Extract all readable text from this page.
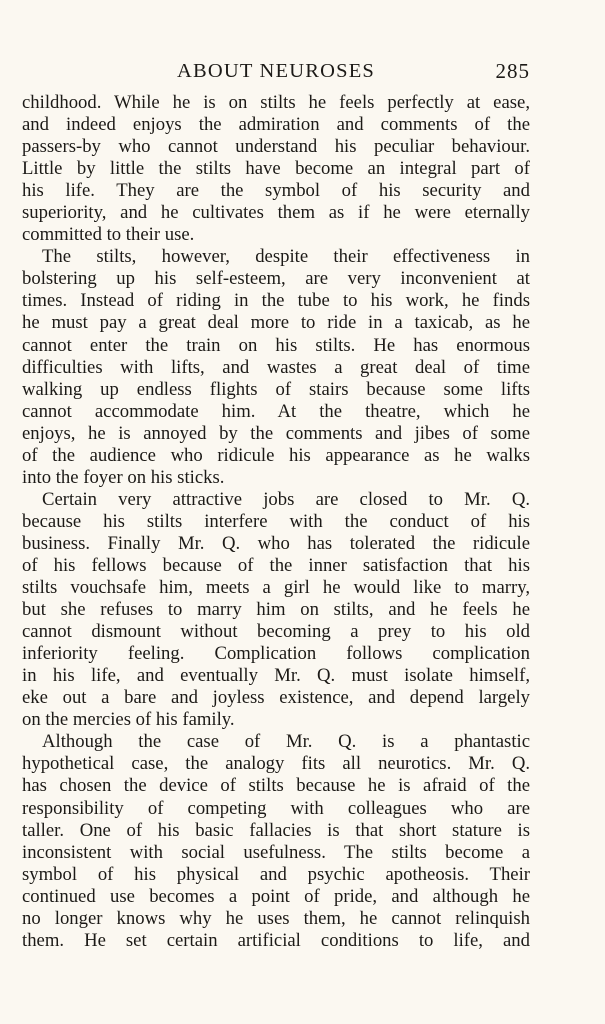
ABOUT NEUROSES	285
childhood. While he is on stilts he feels perfectly at ease,
and indeed enjoys the admiration and comments of the
passers-by who cannot understand his peculiar behaviour.
Little by little the stilts have become an integral part of
his life. They are the symbol of his security and
superiority, and he cultivates them as if he were eternally
committed to their use.
The stilts, however, despite their effectiveness in
bolstering up his self-esteem, are very inconvenient at
times. Instead of riding in the tube to his work, he finds
he must pay a great deal more to ride in a taxicab, as he
cannot enter the train on his stilts. He has enormous
difficulties with lifts, and wastes a great deal of time
walking up endless flights of stairs because some lifts
cannot accommodate him. At the theatre, which he
enjoys, he is annoyed by the comments and jibes of some
of the audience who ridicule his appearance as he walks
into the foyer on his sticks.
Certain very attractive jobs are closed to Mr. Q.
because his stilts interfere with the conduct of his
business. Finally Mr. Q. who has tolerated the ridicule
of his fellows because of the inner satisfaction that his
stilts vouchsafe him, meets a girl he would like to marry,
but she refuses to marry him on stilts, and he feels he
cannot dismount without becoming a prey to his old
inferiority feeling. Complication follows complication
in his life, and eventually Mr. Q. must isolate himself,
eke out a bare and joyless existence, and depend largely
on the mercies of his family.
Although the case of Mr. Q. is a phantastic
hypothetical case, the analogy fits all neurotics. Mr. Q.
has chosen the device of stilts because he is afraid of the
responsibility of competing with colleagues who are
taller. One of his basic fallacies is that short stature is
inconsistent with social usefulness. The stilts become a
symbol of his physical and psychic apotheosis. Their
continued use becomes a point of pride, and although he
no longer knows why he uses them, he cannot relinquish
them. He set certain artificial conditions to life, and
